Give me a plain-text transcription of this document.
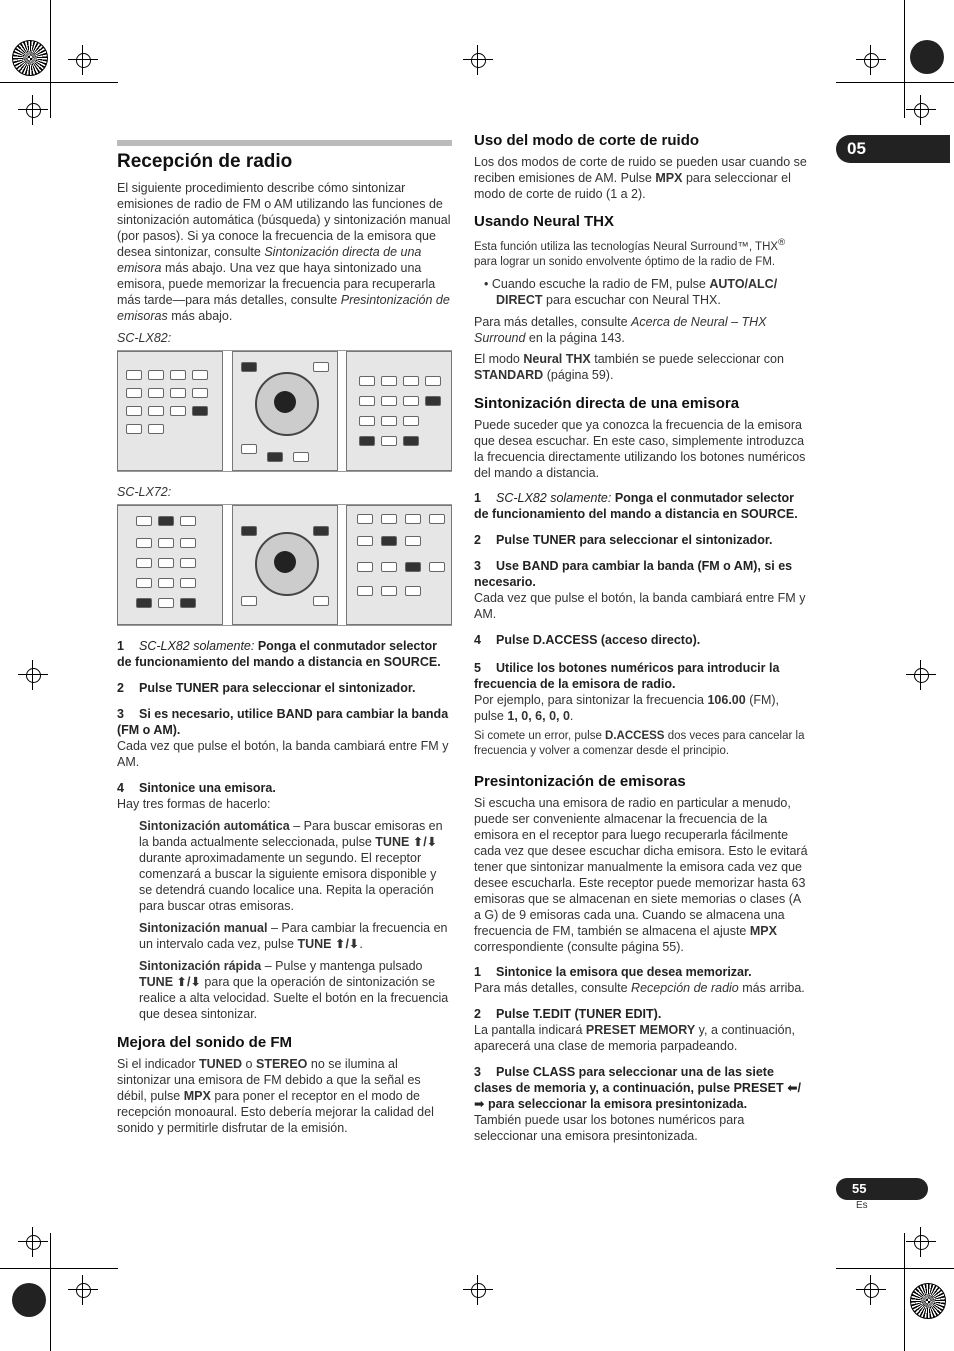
05
55
Es
Recepción de radio

El siguiente procedimiento describe cómo sintonizar emisiones de radio de FM o AM utilizando las funciones de sintonización automática (búsqueda) y sintonización manual (por pasos). Si ya conoce la frecuencia de la emisora que desea sintonizar, consulte Sintonización directa de una emisora más abajo. Una vez que haya sintonizado una emisora, puede memorizar la frecuencia para recuperarla más tarde—para más detalles, consulte Presintonización de emisoras más abajo.

SC-LX82:
SC-LX72:
1 SC-LX82 solamente: Ponga el conmutador selector de funcionamiento del mando a distancia en SOURCE.
2 Pulse TUNER para seleccionar el sintonizador.
3 Si es necesario, utilice BAND para cambiar la banda (FM o AM).

Cada vez que pulse el botón, la banda cambiará entre FM y AM.

4 Sintonice una emisora.

Hay tres formas de hacerlo:

Sintonización automática – Para buscar emisoras en la banda actualmente seleccionada, pulse TUNE ⬆/⬇ durante aproximadamente un segundo. El receptor comenzará a buscar la siguiente emisora disponible y se detendrá cuando localice una. Repita la operación para buscar otras emisoras.

Sintonización manual – Para cambiar la frecuencia en un intervalo cada vez, pulse TUNE ⬆/⬇.

Sintonización rápida – Pulse y mantenga pulsado TUNE ⬆/⬇ para que la operación de sintonización se realice a alta velocidad. Suelte el botón en la frecuencia que desea sintonizar.

Mejora del sonido de FM

Si el indicador TUNED o STEREO no se ilumina al sintonizar una emisora de FM debido a que la señal es débil, pulse MPX para poner el receptor en el modo de recepción monoaural. Esto debería mejorar la calidad del sonido y permitirle disfrutar de la emisión.

Uso del modo de corte de ruido

Los dos modos de corte de ruido se pueden usar cuando se reciben emisiones de AM. Pulse MPX para seleccionar el modo de corte de ruido (1 a 2).

Usando Neural THX

Esta función utiliza las tecnologías Neural Surround™, THX® para lograr un sonido envolvente óptimo de la radio de FM.

• Cuando escuche la radio de FM, pulse AUTO/ALC/ DIRECT para escuchar con Neural THX.

Para más detalles, consulte Acerca de Neural – THX Surround en la página 143.

El modo Neural THX también se puede seleccionar con STANDARD (página 59).

Sintonización directa de una emisora

Puede suceder que ya conozca la frecuencia de la emisora que desea escuchar. En este caso, simplemente introduzca la frecuencia directamente utilizando los botones numéricos del mando a distancia.

1 SC-LX82 solamente: Ponga el conmutador selector de funcionamiento del mando a distancia en SOURCE.
2 Pulse TUNER para seleccionar el sintonizador.
3 Use BAND para cambiar la banda (FM o AM), si es necesario.

Cada vez que pulse el botón, la banda cambiará entre FM y AM.

4 Pulse D.ACCESS (acceso directo).
5 Utilice los botones numéricos para introducir la frecuencia de la emisora de radio.

Por ejemplo, para sintonizar la frecuencia 106.00 (FM), pulse 1, 0, 6, 0, 0.

Si comete un error, pulse D.ACCESS dos veces para cancelar la frecuencia y volver a comenzar desde el principio.

Presintonización de emisoras

Si escucha una emisora de radio en particular a menudo, puede ser conveniente almacenar la frecuencia de la emisora en el receptor para luego recuperarla fácilmente cada vez que desee escuchar dicha emisora. Esto le evitará tener que sintonizar manualmente la emisora cada vez que desee escucharla. Este receptor puede memorizar hasta 63 emisoras que se almacenan en siete memorias o clases (A a G) de 9 emisoras cada una. Cuando se almacena una frecuencia de FM, también se almacena el ajuste MPX correspondiente (consulte página 55).

1 Sintonice la emisora que desea memorizar.

Para más detalles, consulte Recepción de radio más arriba.

2 Pulse T.EDIT (TUNER EDIT).

La pantalla indicará PRESET MEMORY y, a continuación, aparecerá una clase de memoria parpadeando.

3 Pulse CLASS para seleccionar una de las siete clases de memoria y, a continuación, pulse PRESET ⬅/➡ para seleccionar la emisora presintonizada.

También puede usar los botones numéricos para seleccionar una emisora presintonizada.
